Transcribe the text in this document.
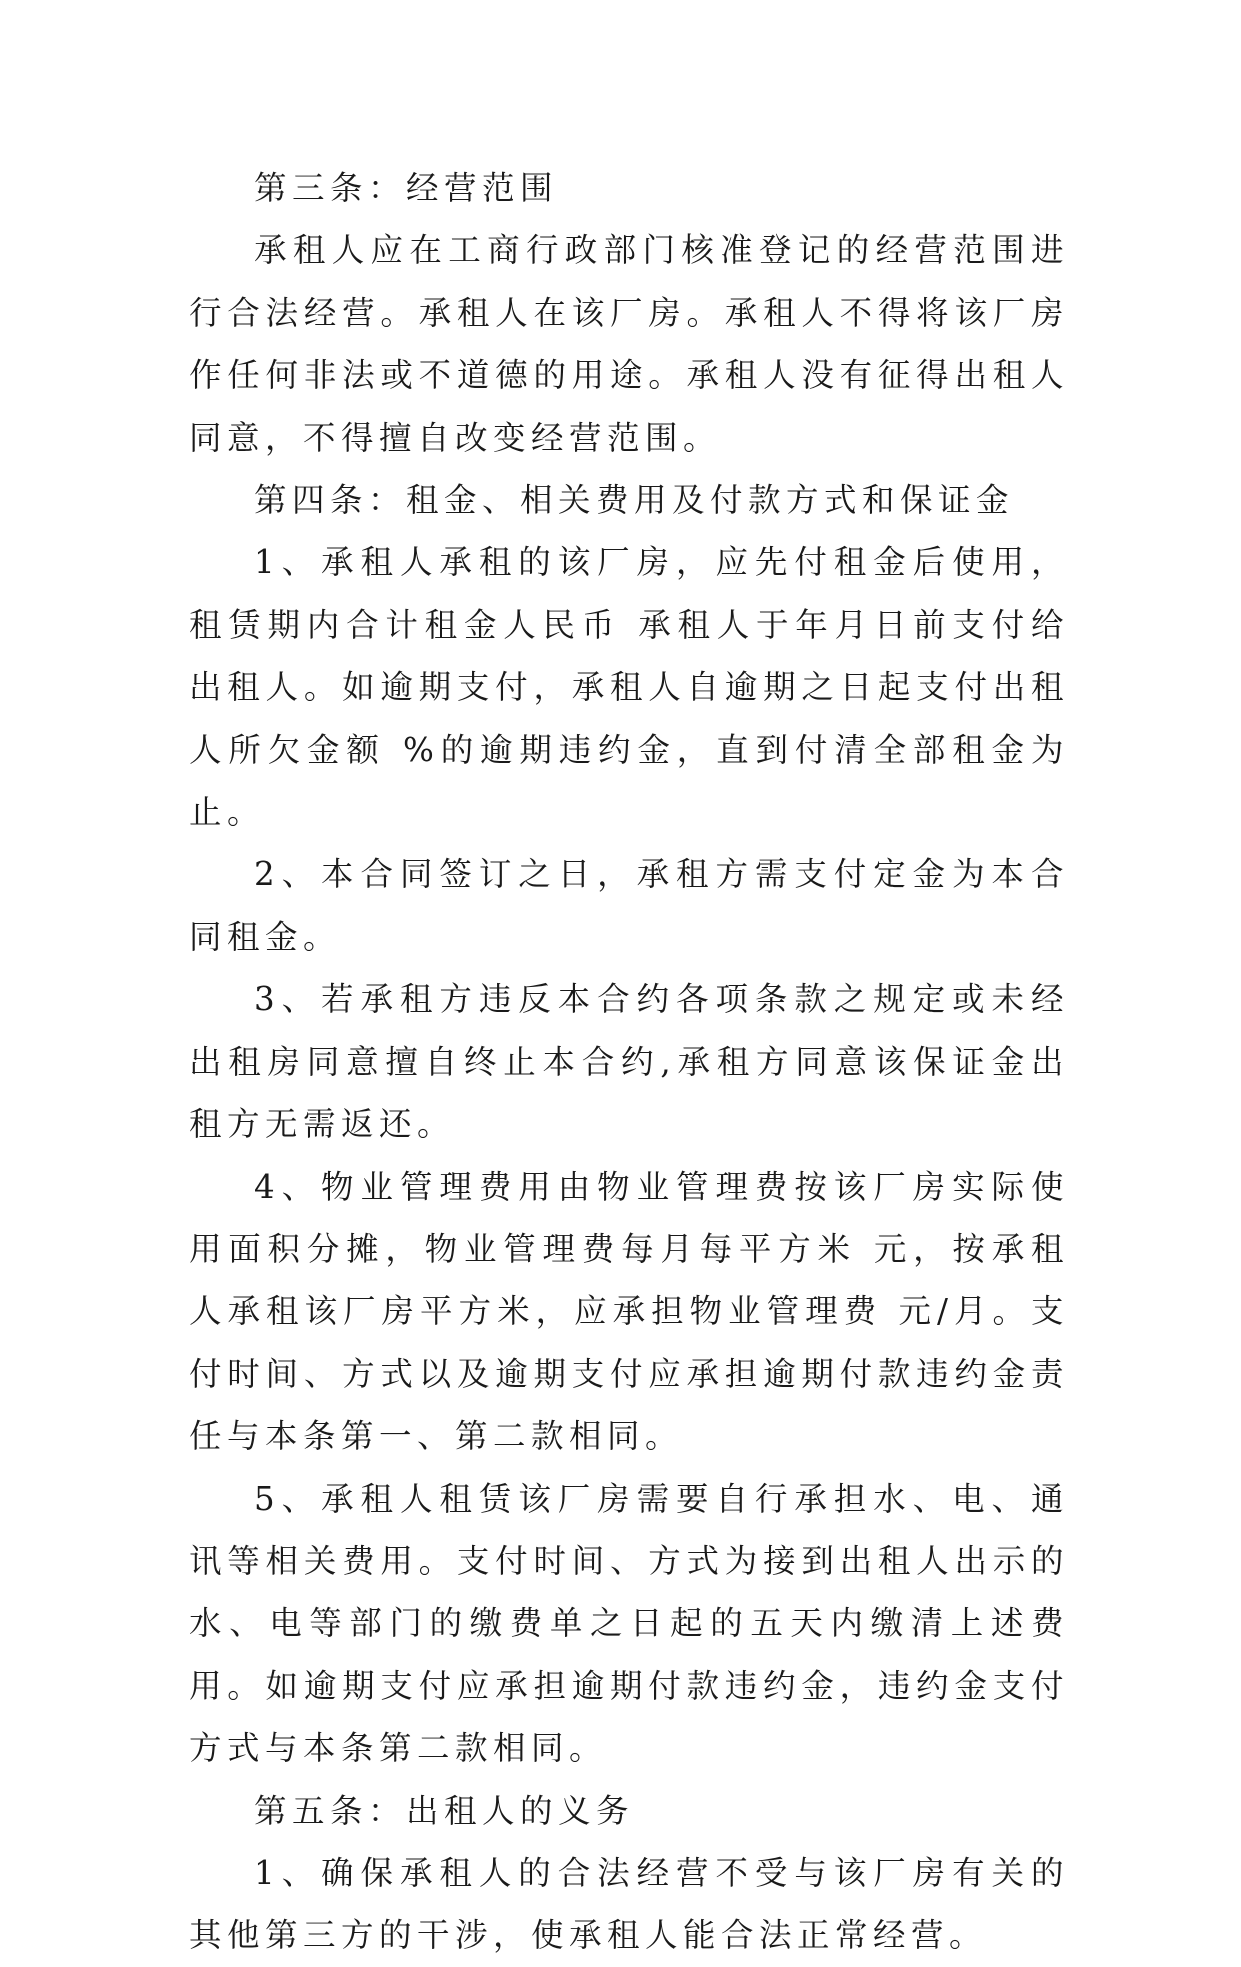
第三条：经营范围

承租人应在工商行政部门核准登记的经营范围进行合法经营。承租人在该厂房。承租人不得将该厂房作任何非法或不道德的用途。承租人没有征得出租人同意，不得擅自改变经营范围。

第四条：租金、相关费用及付款方式和保证金

1、承租人承租的该厂房，应先付租金后使用，租赁期内合计租金人民币 承租人于年月日前支付给出租人。如逾期支付，承租人自逾期之日起支付出租人所欠金额 %的逾期违约金，直到付清全部租金为止。

2、本合同签订之日，承租方需支付定金为本合同租金。

3、若承租方违反本合约各项条款之规定或未经出租房同意擅自终止本合约,承租方同意该保证金出租方无需返还。

4、物业管理费用由物业管理费按该厂房实际使用面积分摊，物业管理费每月每平方米 元，按承租人承租该厂房平方米，应承担物业管理费 元/月。支付时间、方式以及逾期支付应承担逾期付款违约金责任与本条第一、第二款相同。

5、承租人租赁该厂房需要自行承担水、电、通讯等相关费用。支付时间、方式为接到出租人出示的水、电等部门的缴费单之日起的五天内缴清上述费用。如逾期支付应承担逾期付款违约金，违约金支付方式与本条第二款相同。

第五条：出租人的义务

1、确保承租人的合法经营不受与该厂房有关的其他第三方的干涉，使承租人能合法正常经营。
